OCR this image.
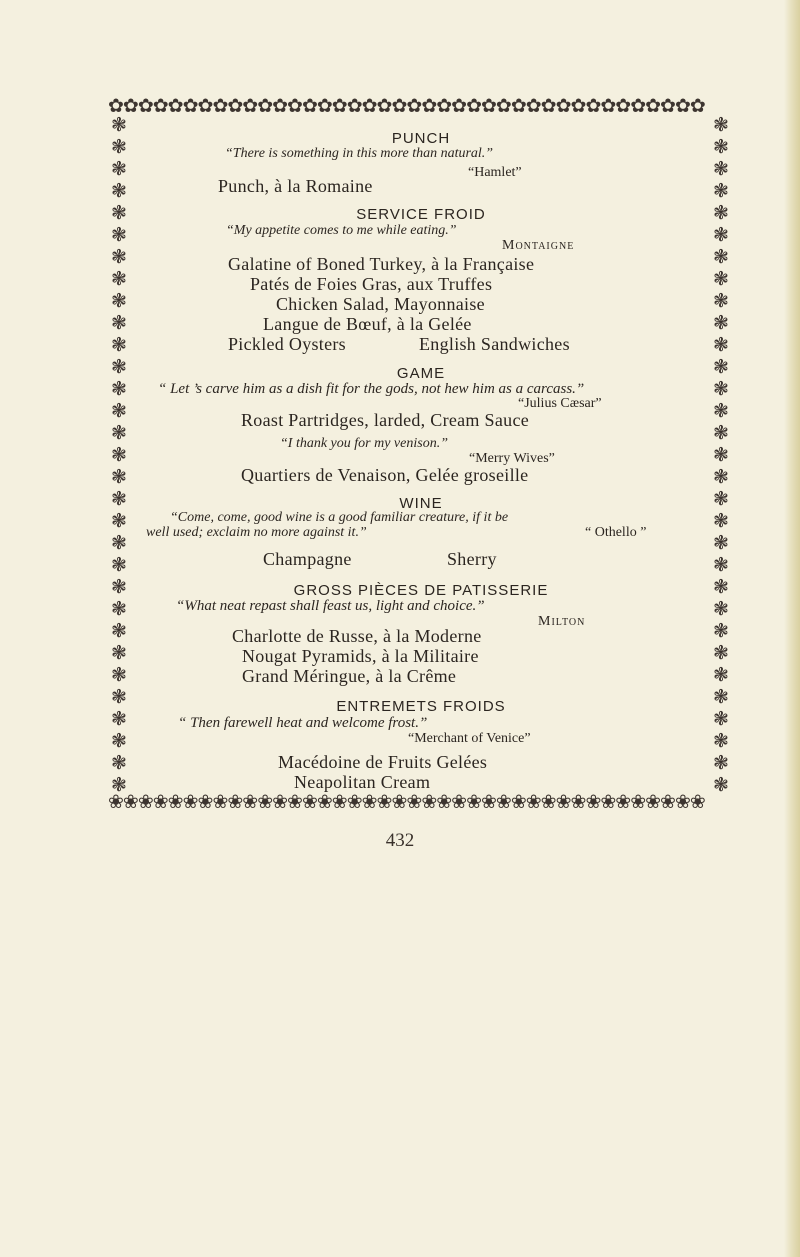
✿✿✿✿✿✿✿✿✿✿✿✿✿✿✿✿✿✿✿✿✿✿✿✿✿✿✿✿✿✿✿✿✿✿✿✿✿✿✿✿
❀❀❀❀❀❀❀❀❀❀❀❀❀❀❀❀❀❀❀❀❀❀❀❀❀❀❀❀❀❀❀❀❀❀❀❀❀❀❀❀
❃
❃
❃
❃
❃
❃
❃
❃
❃
❃
❃
❃
❃
❃
❃
❃
❃
❃
❃
❃
❃
❃
❃
❃
❃
❃
❃
❃
❃
❃
❃
❃
❃
❃
❃
❃
❃
❃
❃
❃
❃
❃
❃
❃
❃
❃
❃
❃
❃
❃
❃
❃
❃
❃
❃
❃
❃
❃
❃
❃
❃
❃
PUNCH
“There is something in this more than natural.”
“Hamlet”
Punch, à la Romaine
SERVICE FROID
“My appetite comes to me while eating.”
Montaigne
Galatine of Boned Turkey, à la Française
Patés de Foies Gras, aux Truffes
Chicken Salad, Mayonnaise
Langue de Bœuf, à la Gelée
Pickled Oysters	English Sandwiches
GAME
“ Let ’s carve him as a dish fit for the gods, not hew him as a carcass.”
“Julius Cæsar”
Roast Partridges, larded, Cream Sauce
“I thank you for my venison.”
“Merry Wives”
Quartiers de Venaison, Gelée groseille
WINE
“Come, come, good wine is a good familiar creature, if it be
well used; exclaim no more against it.”	“ Othello ”
Champagne	Sherry
GROSS PIÈCES DE PATISSERIE
“What neat repast shall feast us, light and choice.”
Milton
Charlotte de Russe, à la Moderne
Nougat Pyramids, à la Militaire
Grand Méringue, à la Crême
ENTREMETS FROIDS
“ Then farewell heat and welcome frost.”
“Merchant of Venice”
Macédoine de Fruits Gelées
Neapolitan Cream
432
